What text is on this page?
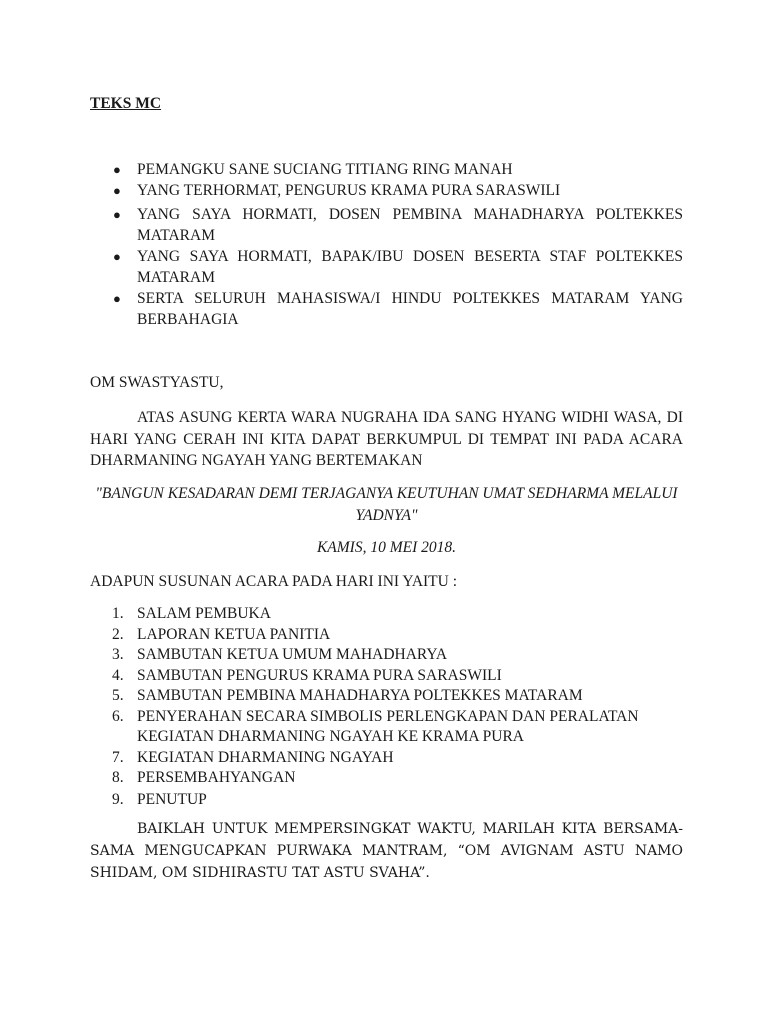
TEKS MC
● PEMANGKU SANE SUCIANG TITIANG RING MANAH
● YANG TERHORMAT, PENGURUS KRAMA PURA SARASWILI
● YANG SAYA HORMATI, DOSEN PEMBINA MAHADHARYA POLTEKKES
MATARAM
● YANG SAYA HORMATI, BAPAK/IBU DOSEN BESERTA STAF POLTEKKES
MATARAM
● SERTA SELURUH MAHASISWA/I HINDU POLTEKKES MATARAM YANG
BERBAHAGIA
OM SWASTYASTU,
ATAS ASUNG KERTA WARA NUGRAHA IDA SANG HYANG WIDHI WASA, DI
HARI YANG CERAH INI KITA DAPAT BERKUMPUL DI TEMPAT INI PADA ACARA
DHARMANING NGAYAH YANG BERTEMAKAN
"BANGUN KESADARAN DEMI TERJAGANYA KEUTUHAN UMAT SEDHARMA MELALUI
YADNYA"
KAMIS, 10 MEI 2018.
ADAPUN SUSUNAN ACARA PADA HARI INI YAITU :
1. SALAM PEMBUKA
2. LAPORAN KETUA PANITIA
3. SAMBUTAN KETUA UMUM MAHADHARYA
4. SAMBUTAN PENGURUS KRAMA PURA SARASWILI
5. SAMBUTAN PEMBINA MAHADHARYA POLTEKKES MATARAM
6. PENYERAHAN SECARA SIMBOLIS PERLENGKAPAN DAN PERALATAN
KEGIATAN DHARMANING NGAYAH KE KRAMA PURA
7. KEGIATAN DHARMANING NGAYAH
8. PERSEMBAHYANGAN
9. PENUTUP
BAIKLAH UNTUK MEMPERSINGKAT WAKTU, MARILAH KITA BERSAMA-
SAMA MENGUCAPKAN PURWAKA MANTRAM, “OM AVIGNAM ASTU NAMO
SHIDAM, OM SIDHIRASTU TAT ASTU SVAHA”.
